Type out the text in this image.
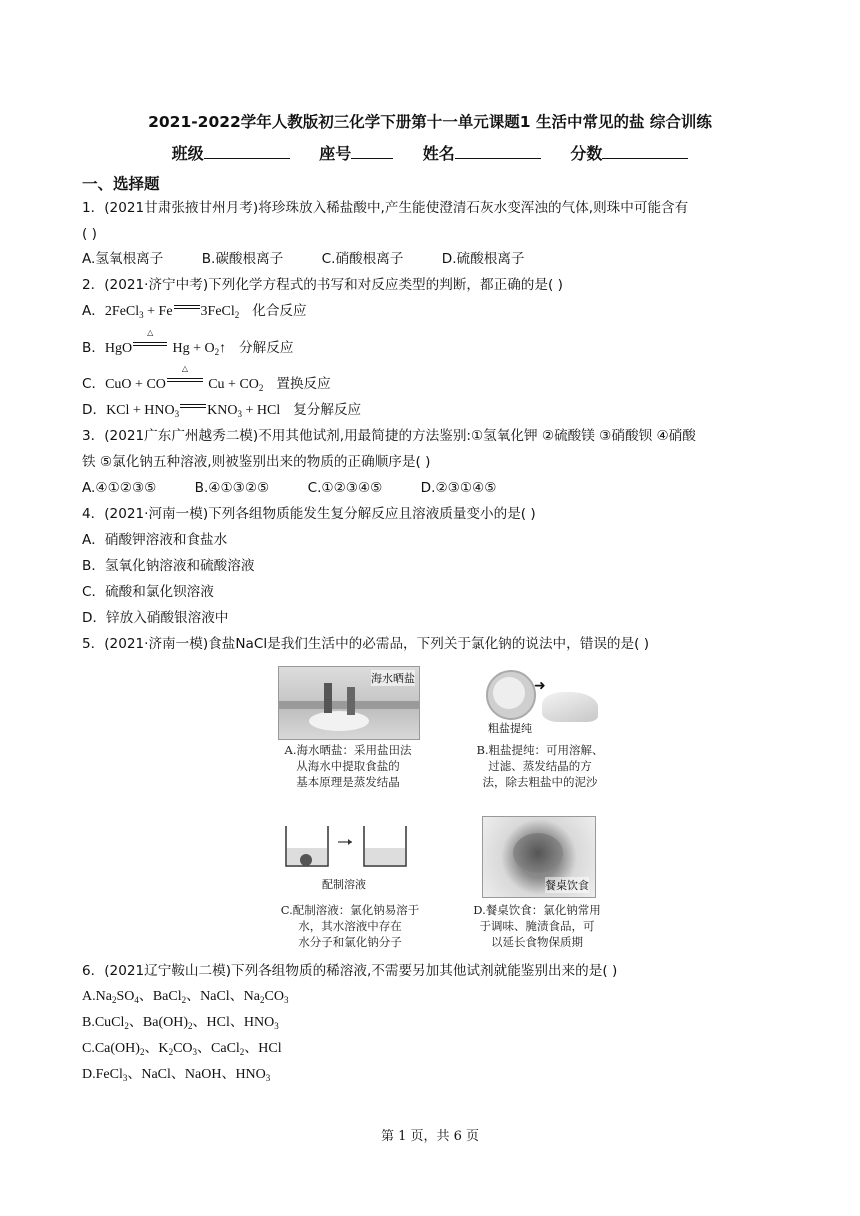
2021-2022学年人教版初三化学下册第十一单元课题1 生活中常见的盐 综合训练
班级	座号	姓名	分数
一、选择题
1．(2021甘肃张掖甘州月考)将珍珠放入稀盐酸中,产生能使澄清石灰水变浑浊的气体,则珠中可能含有
( )
A.氢氧根离子	B.碳酸根离子	C.硝酸根离子	D.硫酸根离子
2．(2021·济宁中考)下列化学方程式的书写和对反应类型的判断，都正确的是( )
A．2FeCl$_3$ + Fe 3FeCl$_2$ 化合反应
B．HgO
△
$Hg + O_2↑$ 分解反应
C．CuO + CO
△
$Cu + CO_2$ 置换反应
D．KCl + $HNO_3$ $KNO_3$ + HCl 复分解反应
3．(2021广东广州越秀二模)不用其他试剂,用最简捷的方法鉴别:①氢氧化钾 ②硫酸镁 ③硝酸钡 ④硝酸
铁 ⑤氯化钠五种溶液,则被鉴别出来的物质的正确顺序是( )
A.④①②③⑤	B.④①③②⑤	C.①②③④⑤	D.②③①④⑤
4．(2021·河南一模)下列各组物质能发生复分解反应且溶液质量变小的是( )
A．硝酸钾溶液和食盐水
B．氢氧化钠溶液和硫酸溶液
C．硫酸和氯化钡溶液
D．锌放入硝酸银溶液中
5．(2021·济南一模)食盐NaCl是我们生活中的必需品，下列关于氯化钠的说法中，错误的是( )
海水晒盐
A.海水晒盐：采用盐田法
从海水中提取食盐的
基本原理是蒸发结晶
➜
粗盐提纯
B.粗盐提纯：可用溶解、
过滤、蒸发结晶的方
法，除去粗盐中的泥沙
配制溶液
C.配制溶液：氯化钠易溶于
水，其水溶液中存在
水分子和氯化钠分子
餐桌饮食
D.餐桌饮食：氯化钠常用
于调味、腌渍食品，可
以延长食物保质期
6．(2021辽宁鞍山二模)下列各组物质的稀溶液,不需要另加其他试剂就能鉴别出来的是( )
$A.Na_2SO_4$、BaCl$_2$、NaCl、$Na_2CO_3$
B.CuCl$_2$、$Ba(OH)_2$、HCl、$HNO_3$
$C.Ca(OH)_2$、$K_2CO_3$、CaCl$_2$、HCl
D.FeCl$_3$、NaCl、NaOH、$HNO_3$
第 1 页，共 6 页
